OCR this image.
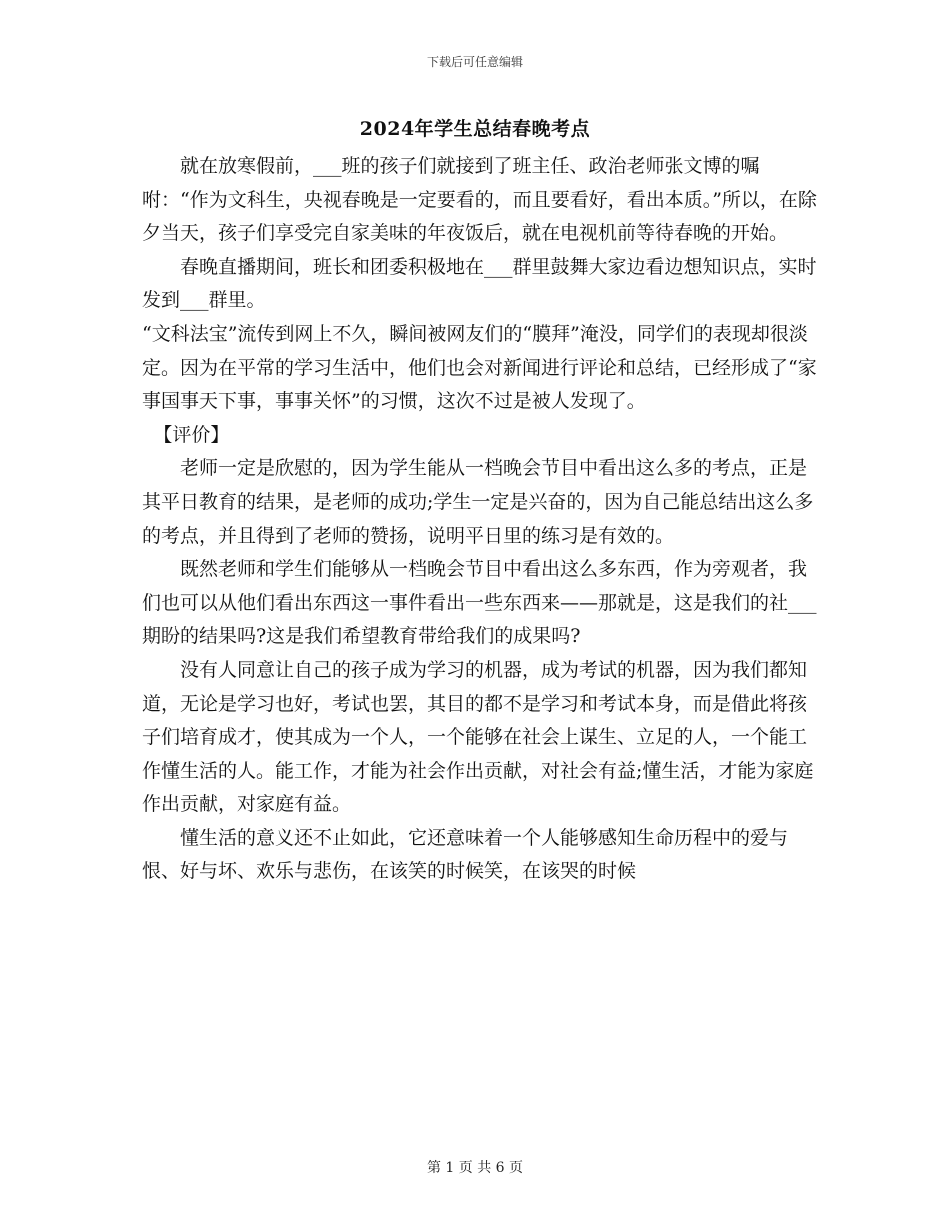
下载后可任意编辑
2024年学生总结春晚考点

就在放寒假前，___班的孩子们就接到了班主任、政治老师张文博的嘱咐：“作为文科生，央视春晚是一定要看的，而且要看好，看出本质。”所以，在除夕当天，孩子们享受完自家美味的年夜饭后，就在电视机前等待春晚的开始。

春晚直播期间，班长和团委积极地在___群里鼓舞大家边看边想知识点，实时发到___群里。

“文科法宝”流传到网上不久，瞬间被网友们的“膜拜”淹没，同学们的表现却很淡定。因为在平常的学习生活中，他们也会对新闻进行评论和总结，已经形成了“家事国事天下事，事事关怀”的习惯，这次不过是被人发现了。

【评价】

老师一定是欣慰的，因为学生能从一档晚会节目中看出这么多的考点，正是其平日教育的结果，是老师的成功;学生一定是兴奋的，因为自己能总结出这么多的考点，并且得到了老师的赞扬，说明平日里的练习是有效的。

既然老师和学生们能够从一档晚会节目中看出这么多东西，作为旁观者，我们也可以从他们看出东西这一事件看出一些东西来——那就是，这是我们的社___期盼的结果吗?这是我们希望教育带给我们的成果吗?

没有人同意让自己的孩子成为学习的机器，成为考试的机器，因为我们都知道，无论是学习也好，考试也罢，其目的都不是学习和考试本身，而是借此将孩子们培育成才，使其成为一个人，一个能够在社会上谋生、立足的人，一个能工作懂生活的人。能工作，才能为社会作出贡献，对社会有益;懂生活，才能为家庭作出贡献，对家庭有益。

懂生活的意义还不止如此，它还意味着一个人能够感知生命历程中的爱与恨、好与坏、欢乐与悲伤，在该笑的时候笑，在该哭的时候

第 1 页 共 6 页
